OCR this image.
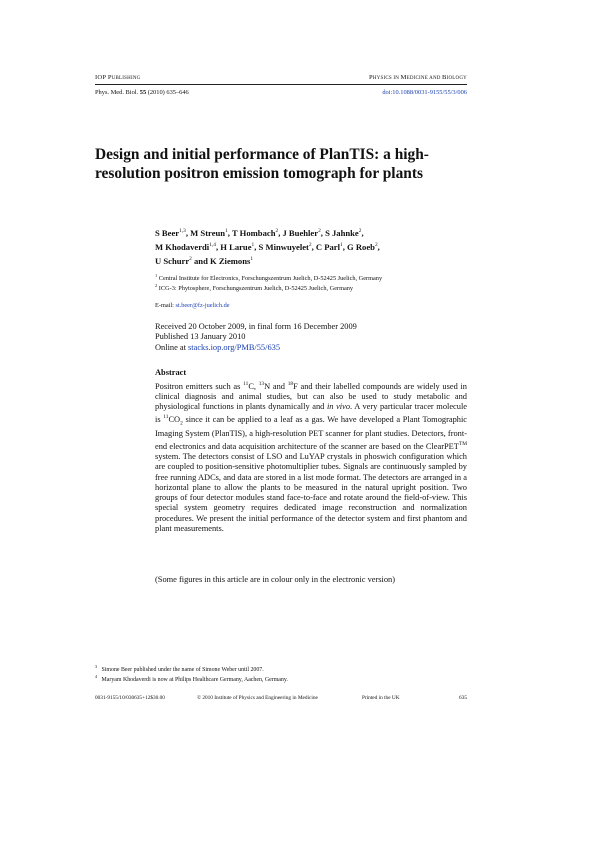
IOP PUBLISHING	PHYSICS IN MEDICINE AND BIOLOGY
Phys. Med. Biol. 55 (2010) 635–646	doi:10.1088/0031-9155/55/3/006
Design and initial performance of PlanTIS: a high-resolution positron emission tomograph for plants
S Beer$^{1,3}$, M Streun$^1$, T Hombach$^2$, J Buehler$^2$, S Jahnke$^2$,
M Khodaverdi$^{1,4}$, H Larue$^1$, S Minwuyelet$^2$, C Parl$^1$, G Roeb$^2$,
U Schurr$^2$ and K Ziemons$^1$
$^1$ Central Institute for Electronics, Forschungszentrum Juelich, D-52425 Juelich, Germany
$^2$ ICG-3: Phytosphere, Forschungszentrum Juelich, D-52425 Juelich, Germany
E-mail: st.beer@fz-juelich.de
Received 20 October 2009, in final form 16 December 2009
Published 13 January 2010
Online at stacks.iop.org/PMB/55/635
Abstract
Positron emitters such as $^{11}$C, $^{13}$N and $^{18}$F and their labelled compounds are widely used in clinical diagnosis and animal studies, but can also be used to study metabolic and physiological functions in plants dynamically and in vivo. A very particular tracer molecule is $^{11}CO_2$ since it can be applied to a leaf as a gas. We have developed a Plant Tomographic Imaging System (PlanTIS), a high-resolution PET scanner for plant studies. Detectors, front-end electronics and data acquisition architecture of the scanner are based on the ClearPET™ system. The detectors consist of LSO and LuYAP crystals in phoswich configuration which are coupled to position-sensitive photomultiplier tubes. Signals are continuously sampled by free running ADCs, and data are stored in a list mode format. The detectors are arranged in a horizontal plane to allow the plants to be measured in the natural upright position. Two groups of four detector modules stand face-to-face and rotate around the field-of-view. This special system geometry requires dedicated image reconstruction and normalization procedures. We present the initial performance of the detector system and first phantom and plant measurements.
(Some figures in this article are in colour only in the electronic version)
$^3$   Simone Beer published under the name of Simone Weber until 2007.
$^4$   Maryam Khodaverdi is now at Philips Healthcare Germany, Aachen, Germany.
0031-9155/10/030635+12$30.00	© 2010 Institute of Physics and Engineering in Medicine	Printed in the UK	635
